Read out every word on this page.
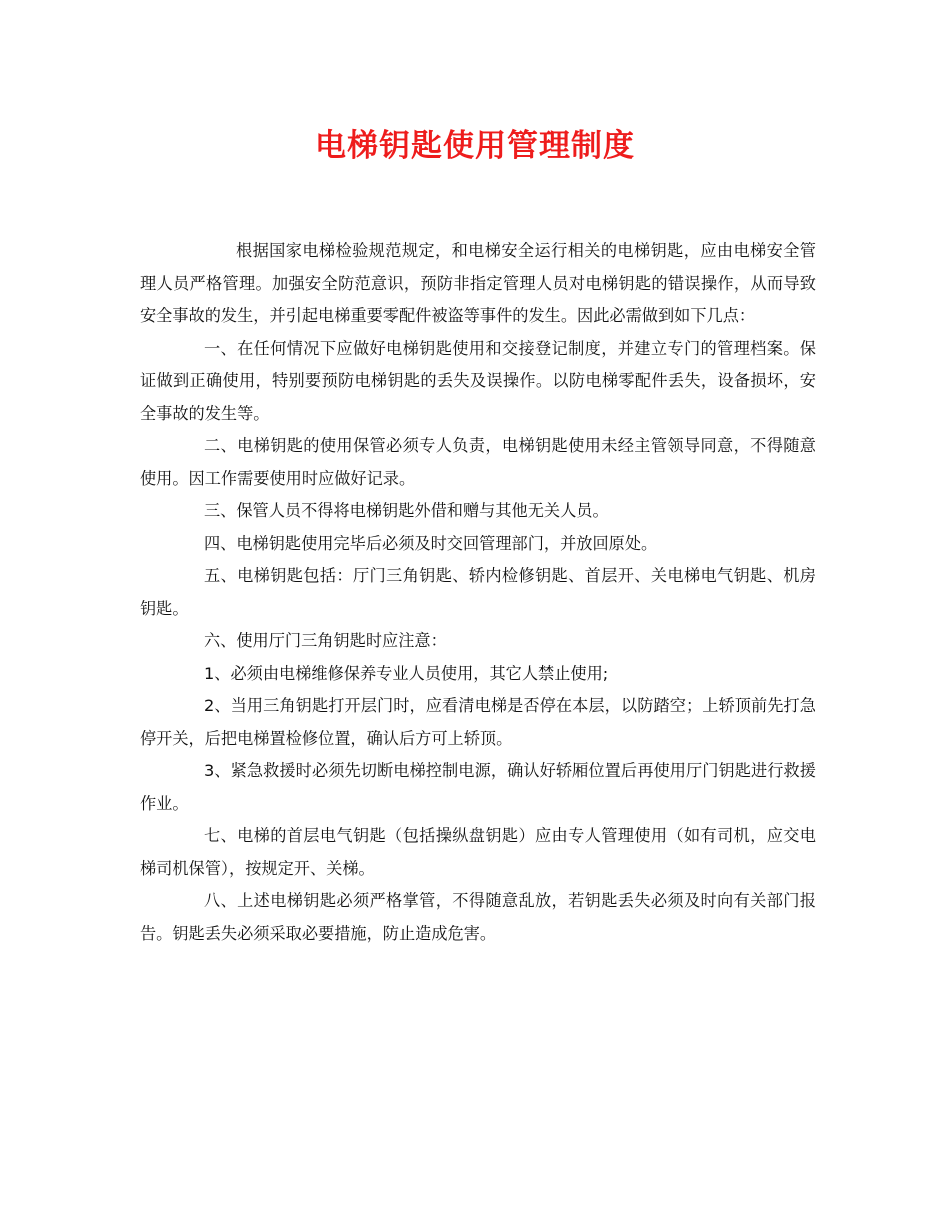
电梯钥匙使用管理制度

根据国家电梯检验规范规定，和电梯安全运行相关的电梯钥匙，应由电梯安全管理人员严格管理。加强安全防范意识，预防非指定管理人员对电梯钥匙的错误操作，从而导致安全事故的发生，并引起电梯重要零配件被盗等事件的发生。因此必需做到如下几点：

一、在任何情况下应做好电梯钥匙使用和交接登记制度，并建立专门的管理档案。保证做到正确使用，特别要预防电梯钥匙的丢失及误操作。以防电梯零配件丢失，设备损坏，安全事故的发生等。

二、电梯钥匙的使用保管必须专人负责，电梯钥匙使用未经主管领导同意，不得随意使用。因工作需要使用时应做好记录。

三、保管人员不得将电梯钥匙外借和赠与其他无关人员。

四、电梯钥匙使用完毕后必须及时交回管理部门，并放回原处。

五、电梯钥匙包括：厅门三角钥匙、轿内检修钥匙、首层开、关电梯电气钥匙、机房钥匙。

六、使用厅门三角钥匙时应注意：

1、必须由电梯维修保养专业人员使用，其它人禁止使用;

2、当用三角钥匙打开层门时，应看清电梯是否停在本层，以防踏空；上轿顶前先打急停开关，后把电梯置检修位置，确认后方可上轿顶。

3、紧急救援时必须先切断电梯控制电源，确认好轿厢位置后再使用厅门钥匙进行救援作业。

七、电梯的首层电气钥匙（包括操纵盘钥匙）应由专人管理使用（如有司机，应交电梯司机保管），按规定开、关梯。

八、上述电梯钥匙必须严格掌管，不得随意乱放，若钥匙丢失必须及时向有关部门报告。钥匙丢失必须采取必要措施，防止造成危害。
